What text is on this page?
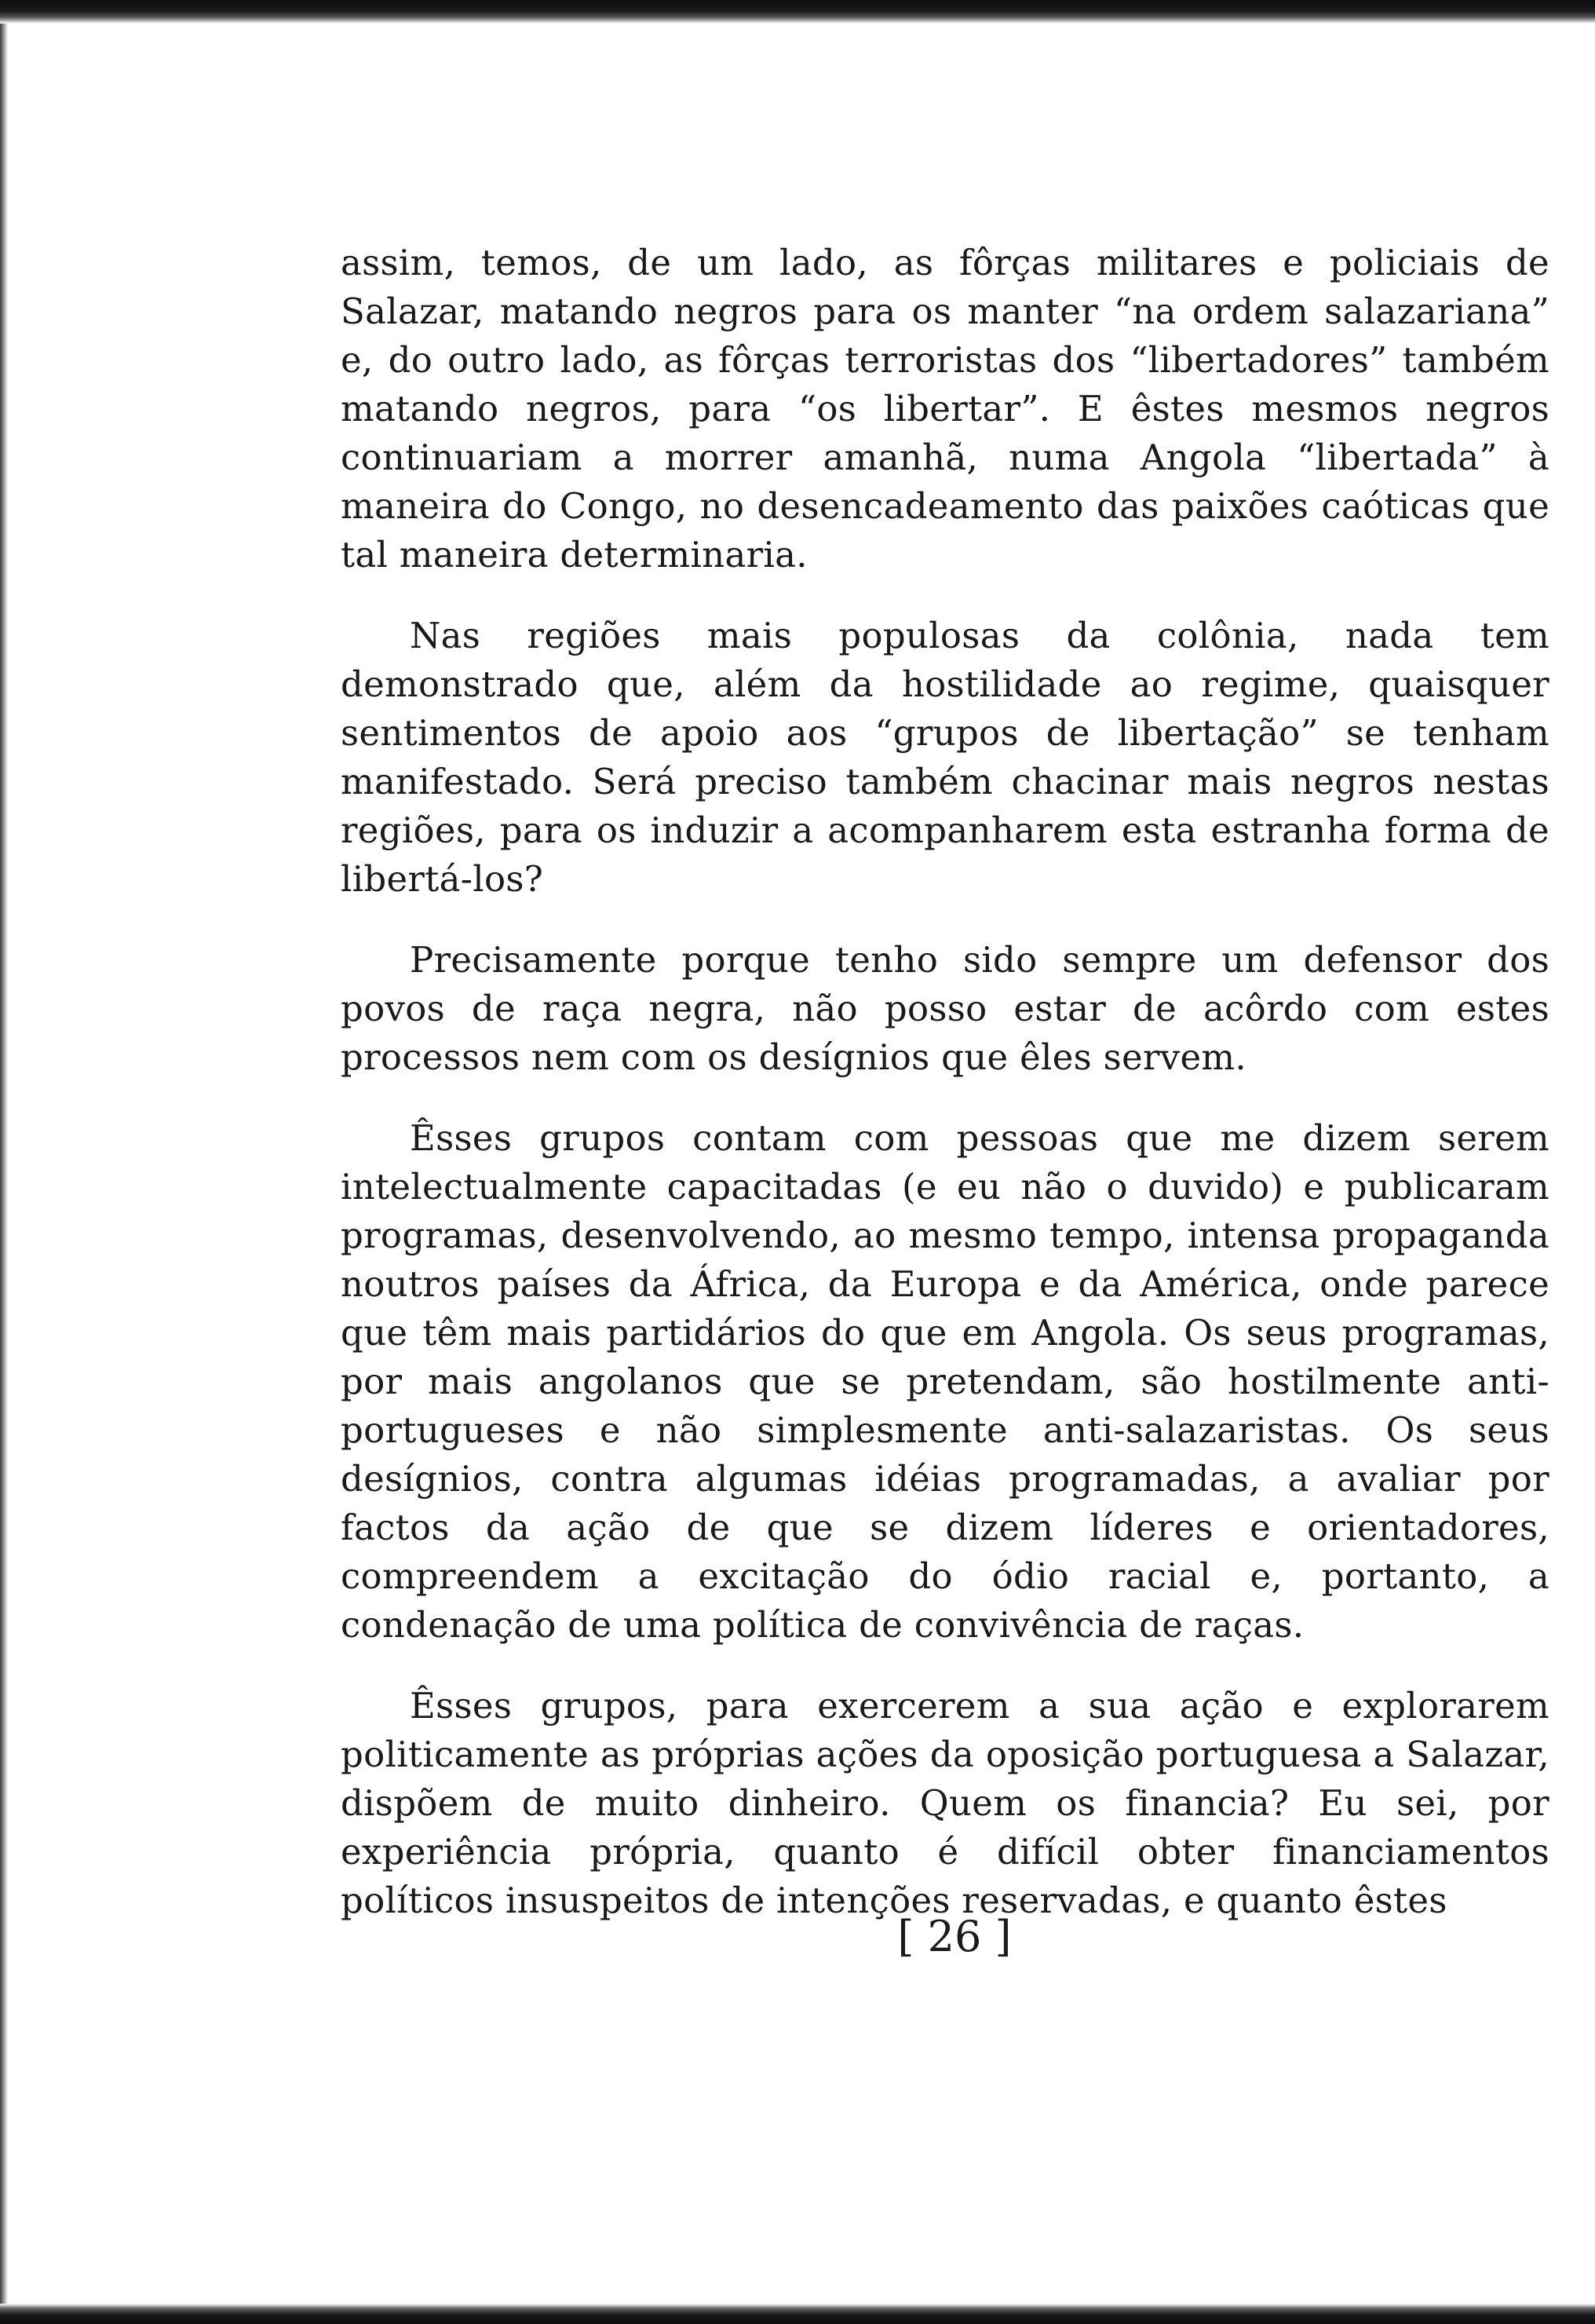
assim, temos, de um lado, as fôrças militares e policiais de Salazar, matando negros para os manter “na ordem salazariana” e, do outro lado, as fôrças terroristas dos “libertadores” também matando negros, para “os libertar”. E êstes mesmos negros continuariam a morrer amanhã, numa Angola “libertada” à maneira do Congo, no desencadeamento das paixões caóticas que tal maneira determinaria.

Nas regiões mais populosas da colônia, nada tem demonstrado que, além da hostilidade ao regime, quaisquer sentimentos de apoio aos “grupos de libertação” se tenham manifestado. Será preciso também chacinar mais negros nestas regiões, para os induzir a acompanharem esta estranha forma de libertá-los?

Precisamente porque tenho sido sempre um defensor dos povos de raça negra, não posso estar de acôrdo com estes processos nem com os desígnios que êles servem.

Êsses grupos contam com pessoas que me dizem serem intelectualmente capacitadas (e eu não o duvido) e publicaram programas, desenvolvendo, ao mesmo tempo, intensa propaganda noutros países da África, da Europa e da América, onde parece que têm mais partidários do que em Angola. Os seus programas, por mais angolanos que se pretendam, são hostilmente anti-portugueses e não simplesmente anti-salazaristas. Os seus desígnios, contra algumas idéias programadas, a avaliar por factos da ação de que se dizem líderes e orientadores, compreendem a excitação do ódio racial e, portanto, a condenação de uma política de convivência de raças.

Êsses grupos, para exercerem a sua ação e explorarem politicamente as próprias ações da oposição portuguesa a Salazar, dispõem de muito dinheiro. Quem os financia? Eu sei, por experiência própria, quanto é difícil obter financiamentos políticos insuspeitos de intenções reservadas, e quanto êstes

[ 26 ]
